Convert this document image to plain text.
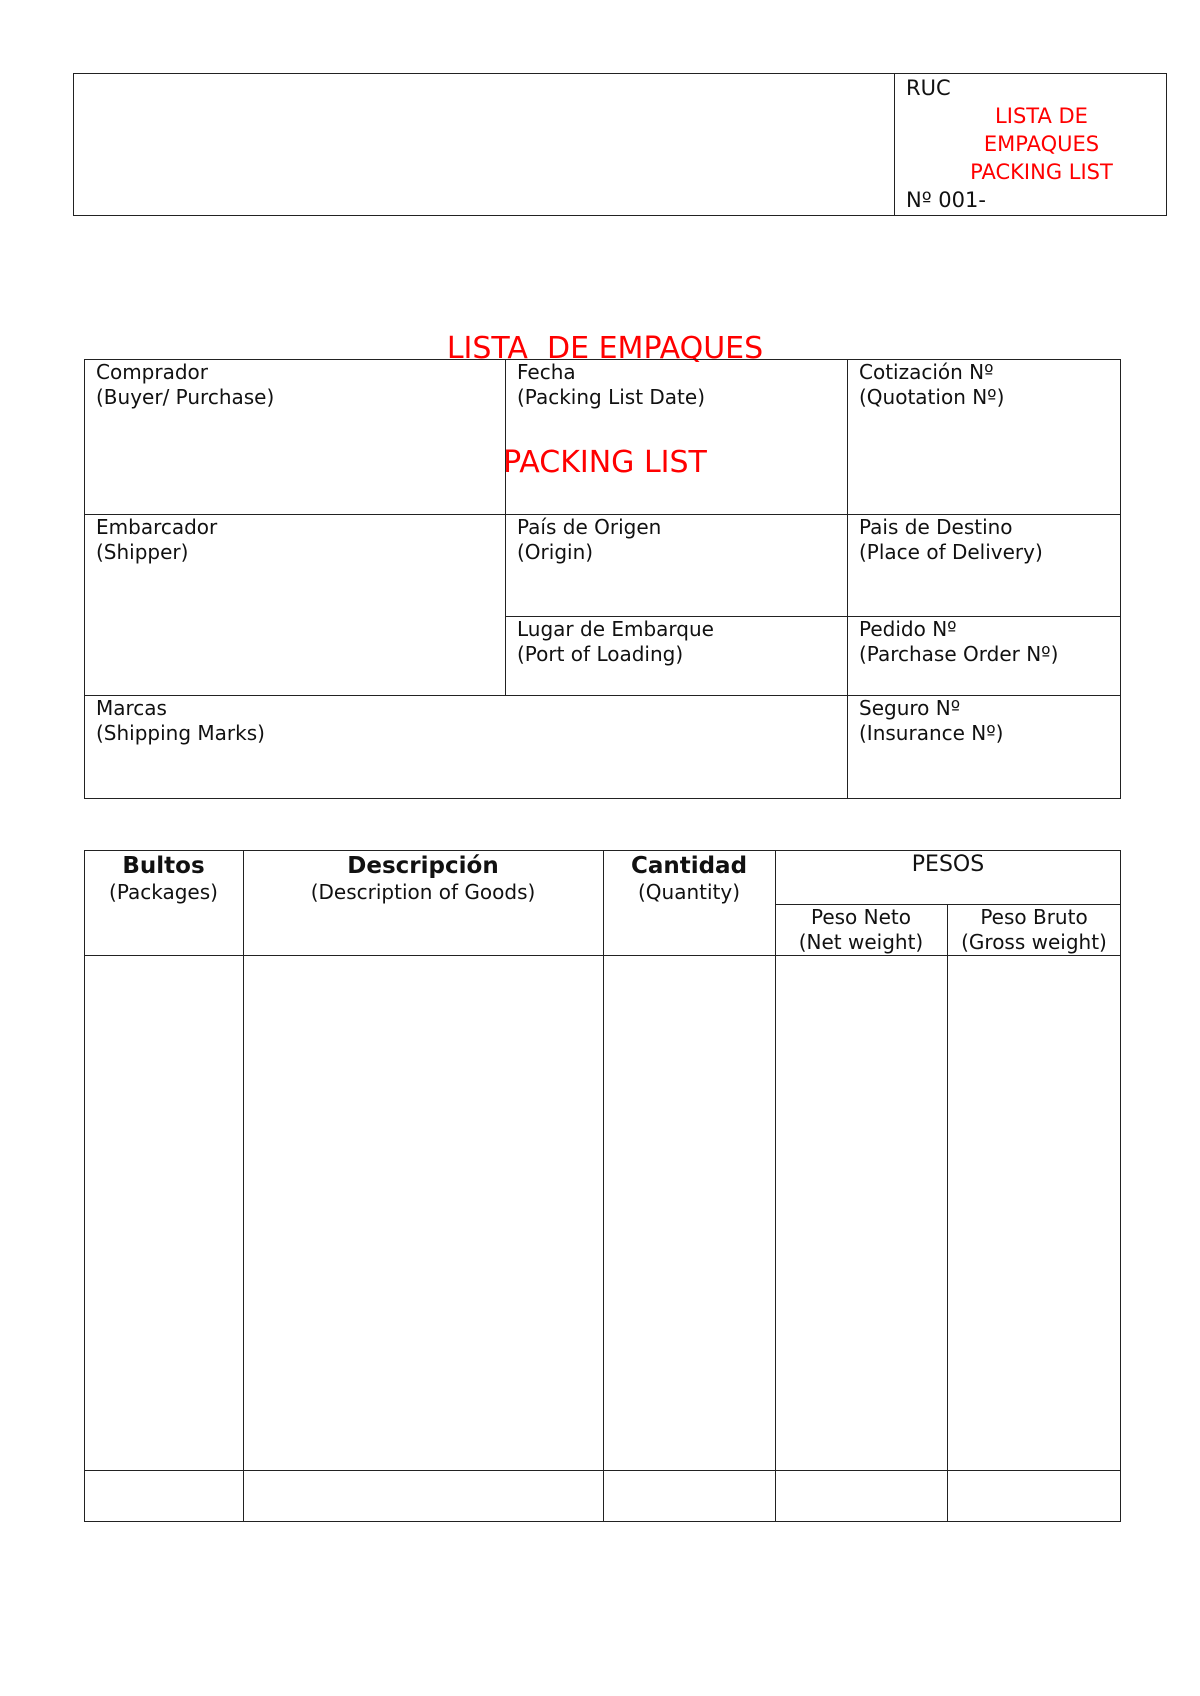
RUC
LISTA DE
EMPAQUES
PACKING LIST
Nº 001-

LISTA  DE EMPAQUES

PACKING LIST

Comprador
(Buyer/ Purchase)
Fecha
(Packing List Date)
Cotización Nº
(Quotation Nº)
Embarcador
(Shipper)
País de Origen
(Origin)
Pais de Destino
(Place of Delivery)
Lugar de Embarque
(Port of Loading)
Pedido Nº
(Parchase Order Nº)
Marcas
(Shipping Marks)
Seguro Nº
(Insurance Nº)
Bultos
(Packages)
Descripción
(Description of Goods)
Cantidad
(Quantity)
PESOS
Peso Neto
(Net weight)
Peso Bruto
(Gross weight)
